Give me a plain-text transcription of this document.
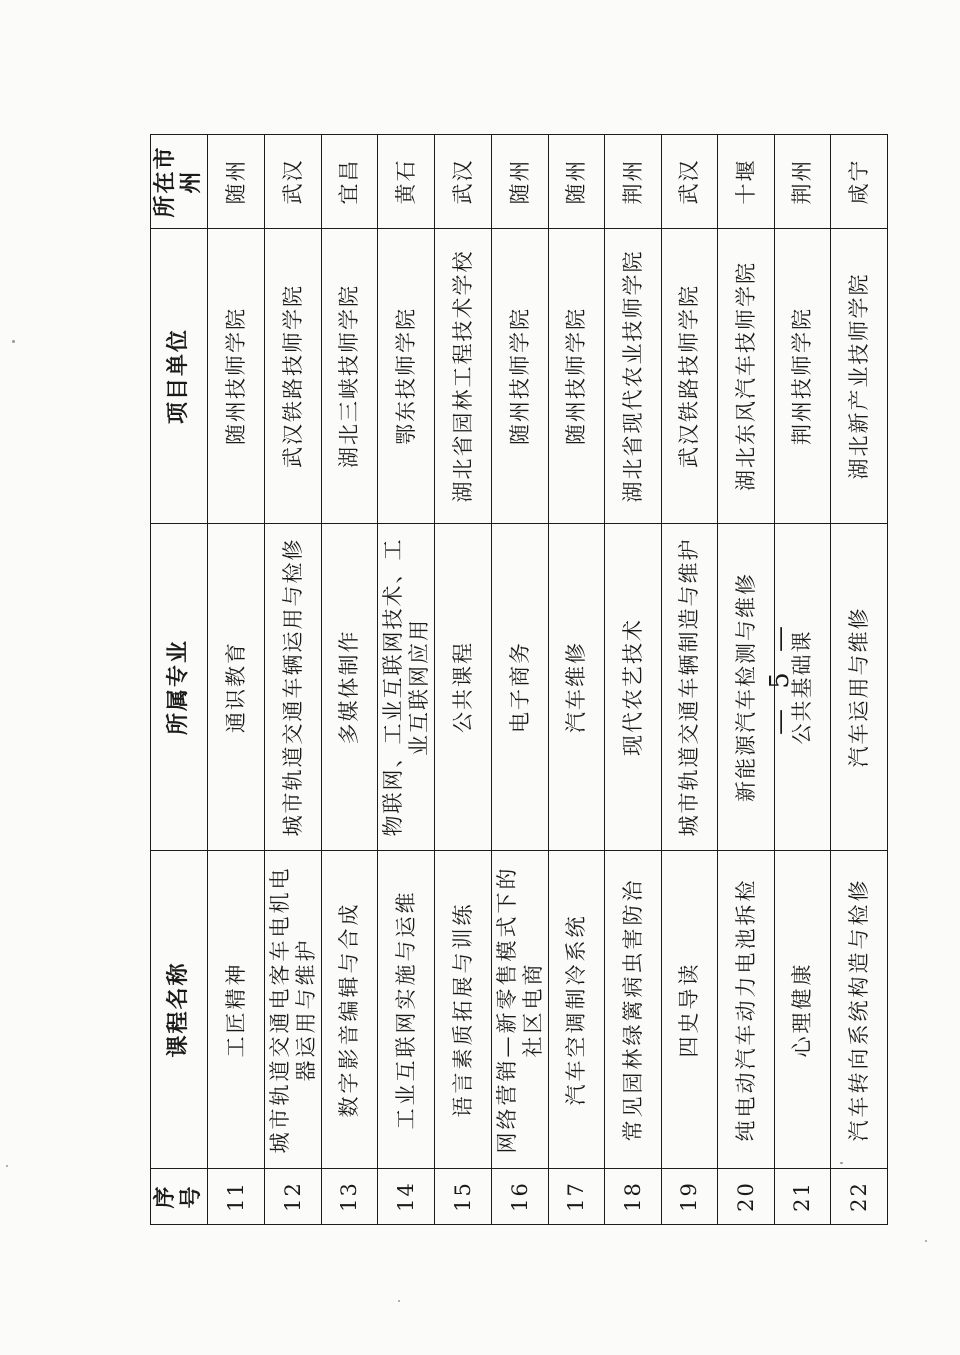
序号	课程名称	所属专业	项目单位	所在市州
11	工匠精神	通识教育	随州技师学院	随州
12	城市轨道交通电客车电机电器运用与维护	城市轨道交通车辆运用与检修	武汉铁路技师学院	武汉
13	数字影音编辑与合成	多媒体制作	湖北三峡技师学院	宜昌
14	工业互联网实施与运维	物联网、工业互联网技术、工业互联网应用	鄂东技师学院	黄石
15	语言素质拓展与训练	公共课程	湖北省园林工程技术学校	武汉
16	网络营销—新零售模式下的社区电商	电子商务	随州技师学院	随州
17	汽车空调制冷系统	汽车维修	随州技师学院	随州
18	常见园林绿篱病虫害防治	现代农艺技术	湖北省现代农业技师学院	荆州
19	四史导读	城市轨道交通车辆制造与维护	武汉铁路技师学院	武汉
20	纯电动汽车动力电池拆检	新能源汽车检测与维修	湖北东风汽车技师学院	十堰
21	心理健康	公共基础课	荆州技师学院	荆州
22	汽车转向系统构造与检修	汽车运用与维修	湖北新产业技师学院	咸宁
— 5 —
